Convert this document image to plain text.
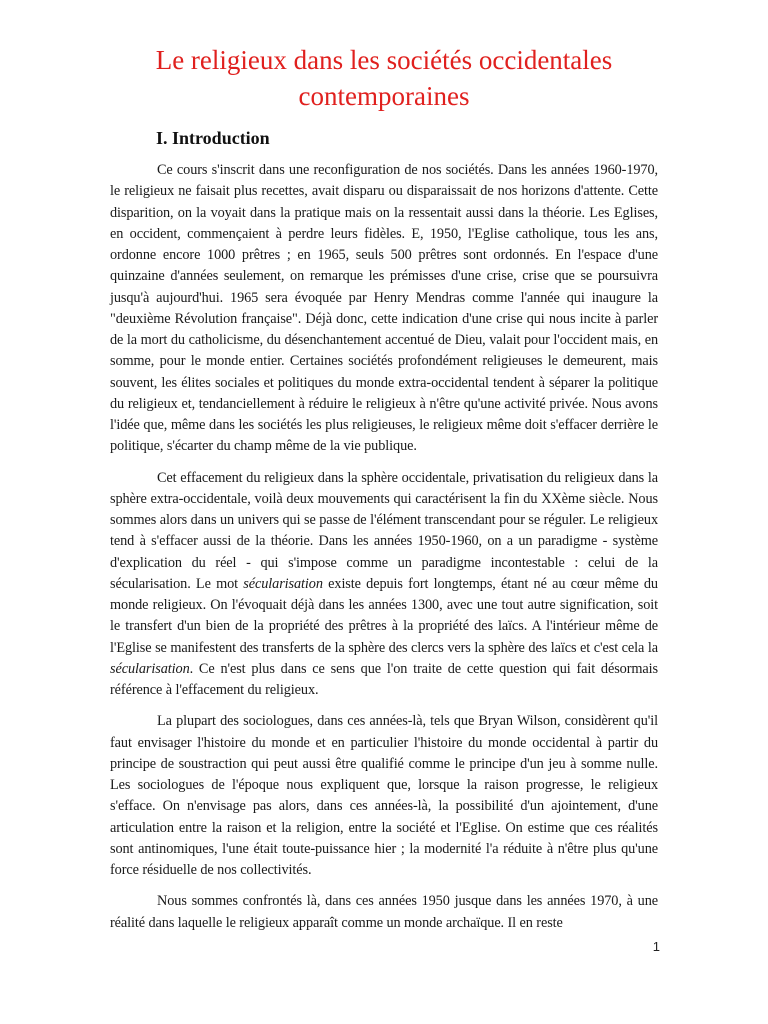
Le religieux dans les sociétés occidentales contemporaines
I. Introduction

Ce cours s'inscrit dans une reconfiguration de nos sociétés. Dans les années 1960-1970, le religieux ne faisait plus recettes, avait disparu ou disparaissait de nos horizons d'attente. Cette disparition, on la voyait dans la pratique mais on la ressentait aussi dans la théorie. Les Eglises, en occident, commençaient à perdre leurs fidèles. E, 1950, l'Eglise catholique, tous les ans, ordonne encore 1000 prêtres ; en 1965, seuls 500 prêtres sont ordonnés. En l'espace d'une quinzaine d'années seulement, on remarque les prémisses d'une crise, crise que se poursuivra jusqu'à aujourd'hui. 1965 sera évoquée par Henry Mendras comme l'année qui inaugure la "deuxième Révolution française". Déjà donc, cette indication d'une crise qui nous incite à parler de la mort du catholicisme, du désenchantement accentué de Dieu, valait pour l'occident mais, en somme, pour le monde entier. Certaines sociétés profondément religieuses le demeurent, mais souvent, les élites sociales et politiques du monde extra-occidental tendent à séparer la politique du religieux et, tendanciellement à réduire le religieux à n'être qu'une activité privée. Nous avons l'idée que, même dans les sociétés les plus religieuses, le religieux même doit s'effacer derrière le politique, s'écarter du champ même de la vie publique.

Cet effacement du religieux dans la sphère occidentale, privatisation du religieux dans la sphère extra-occidentale, voilà deux mouvements qui caractérisent la fin du XXème siècle. Nous sommes alors dans un univers qui se passe de l'élément transcendant pour se réguler. Le religieux tend à s'effacer aussi de la théorie. Dans les années 1950-1960, on a un paradigme - système d'explication du réel - qui s'impose comme un paradigme incontestable : celui de la sécularisation. Le mot sécularisation existe depuis fort longtemps, étant né au cœur même du monde religieux. On l'évoquait déjà dans les années 1300, avec une tout autre signification, soit le transfert d'un bien de la propriété des prêtres à la propriété des laïcs. A l'intérieur même de l'Eglise se manifestent des transferts de la sphère des clercs vers la sphère des laïcs et c'est cela la sécularisation. Ce n'est plus dans ce sens que l'on traite de cette question qui fait désormais référence à l'effacement du religieux.

La plupart des sociologues, dans ces années-là, tels que Bryan Wilson, considèrent qu'il faut envisager l'histoire du monde et en particulier l'histoire du monde occidental à partir du principe de soustraction qui peut aussi être qualifié comme le principe d'un jeu à somme nulle. Les sociologues de l'époque nous expliquent que, lorsque la raison progresse, le religieux s'efface. On n'envisage pas alors, dans ces années-là, la possibilité d'un ajointement, d'une articulation entre la raison et la religion, entre la société et l'Eglise. On estime que ces réalités sont antinomiques, l'une était toute-puissance hier ; la modernité l'a réduite à n'être plus qu'une force résiduelle de nos collectivités.

Nous sommes confrontés là, dans ces années 1950 jusque dans les années 1970, à une réalité dans laquelle le religieux apparaît comme un monde archaïque. Il en reste

1
